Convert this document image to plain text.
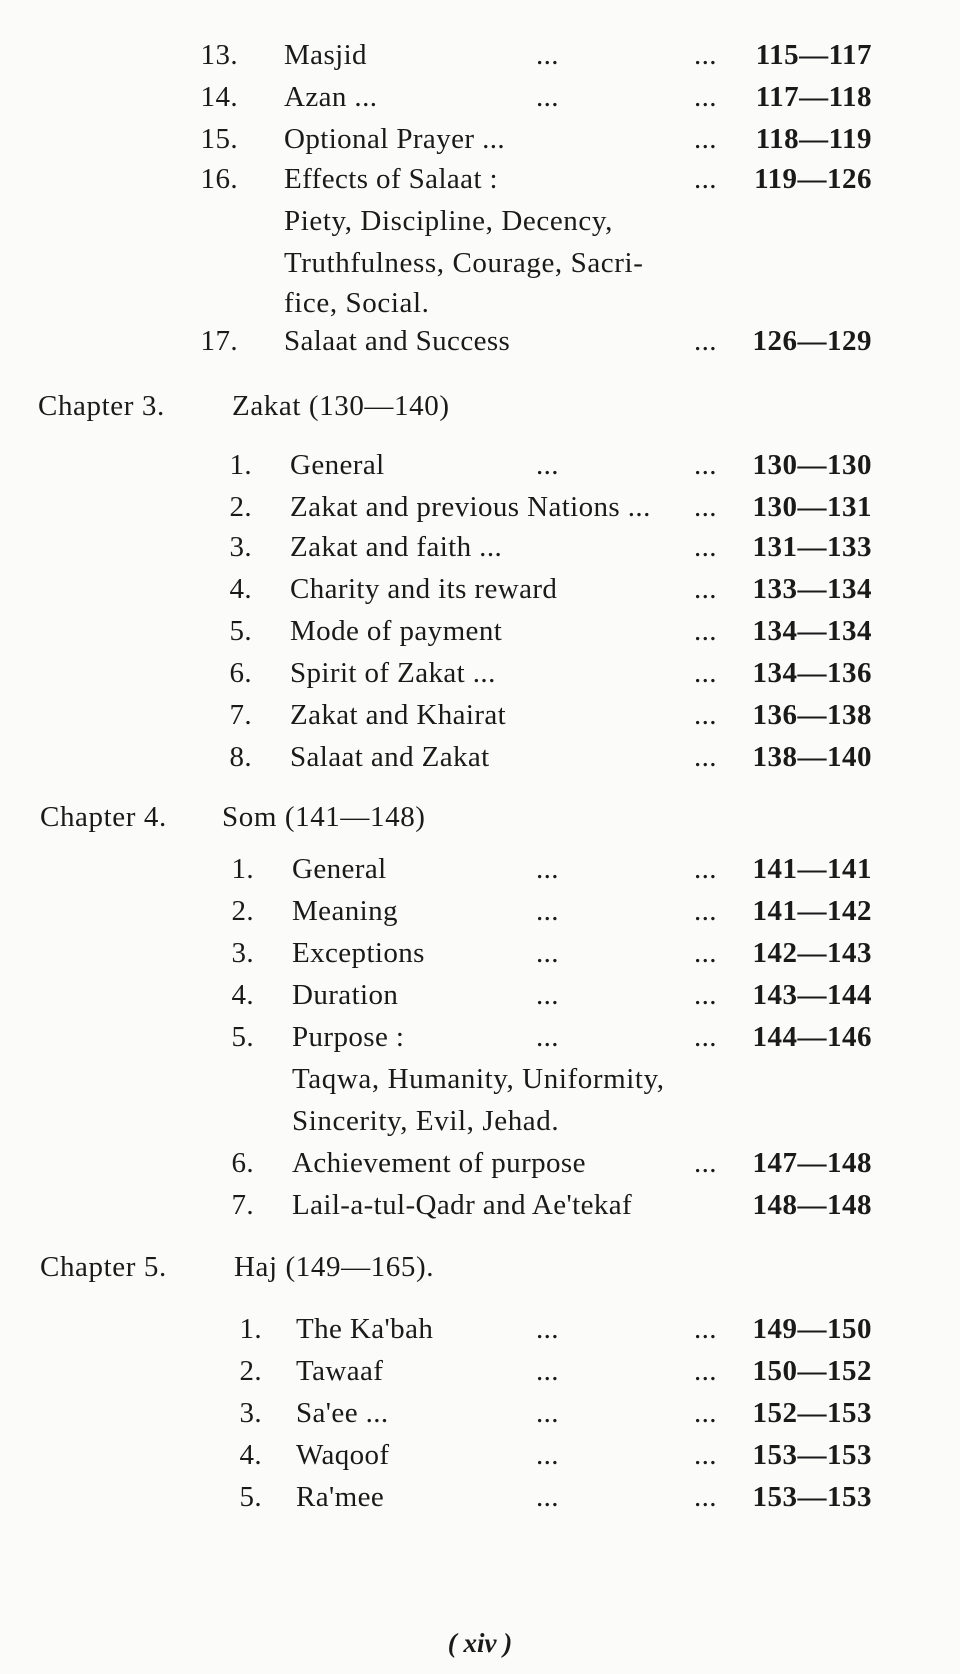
13. Masjid	...	...	115—117
14. Azan ...	...	...	117—118
15. Optional Prayer ...	...	118—119
16. Effects of Salaat :	...	119—126
Piety, Discipline, Decency,
Truthfulness, Courage, Sacri-
fice, Social.
17. Salaat and Success	...	126—129
Chapter 3. Zakat (130—140)
1. General	...	...	130—130
2. Zakat and previous Nations ... ...	130—131
3. Zakat and faith ...	...	131—133
4. Charity and its reward	...	133—134
5. Mode of payment	...	134—134
6. Spirit of Zakat ...	...	134—136
7. Zakat and Khairat	...	136—138
8. Salaat and Zakat	...	138—140
Chapter 4. Som (141—148)
1. General	...	...	141—141
2. Meaning	...	...	141—142
3. Exceptions	...	...	142—143
4. Duration	...	...	143—144
5. Purpose :	...	...	144—146
Taqwa, Humanity, Uniformity,
Sincerity, Evil, Jehad.
6. Achievement of purpose	...	147—148
7. Lail-a-tul-Qadr and Ae'tekaf	148—148
Chapter 5. Haj (149—165).
1. The Ka'bah	...	...	149—150
2. Tawaaf	...	...	150—152
3. Sa'ee ...	...	...	152—153
4. Waqoof	...	...	153—153
5. Ra'mee	...	...	153—153
( xiv )
